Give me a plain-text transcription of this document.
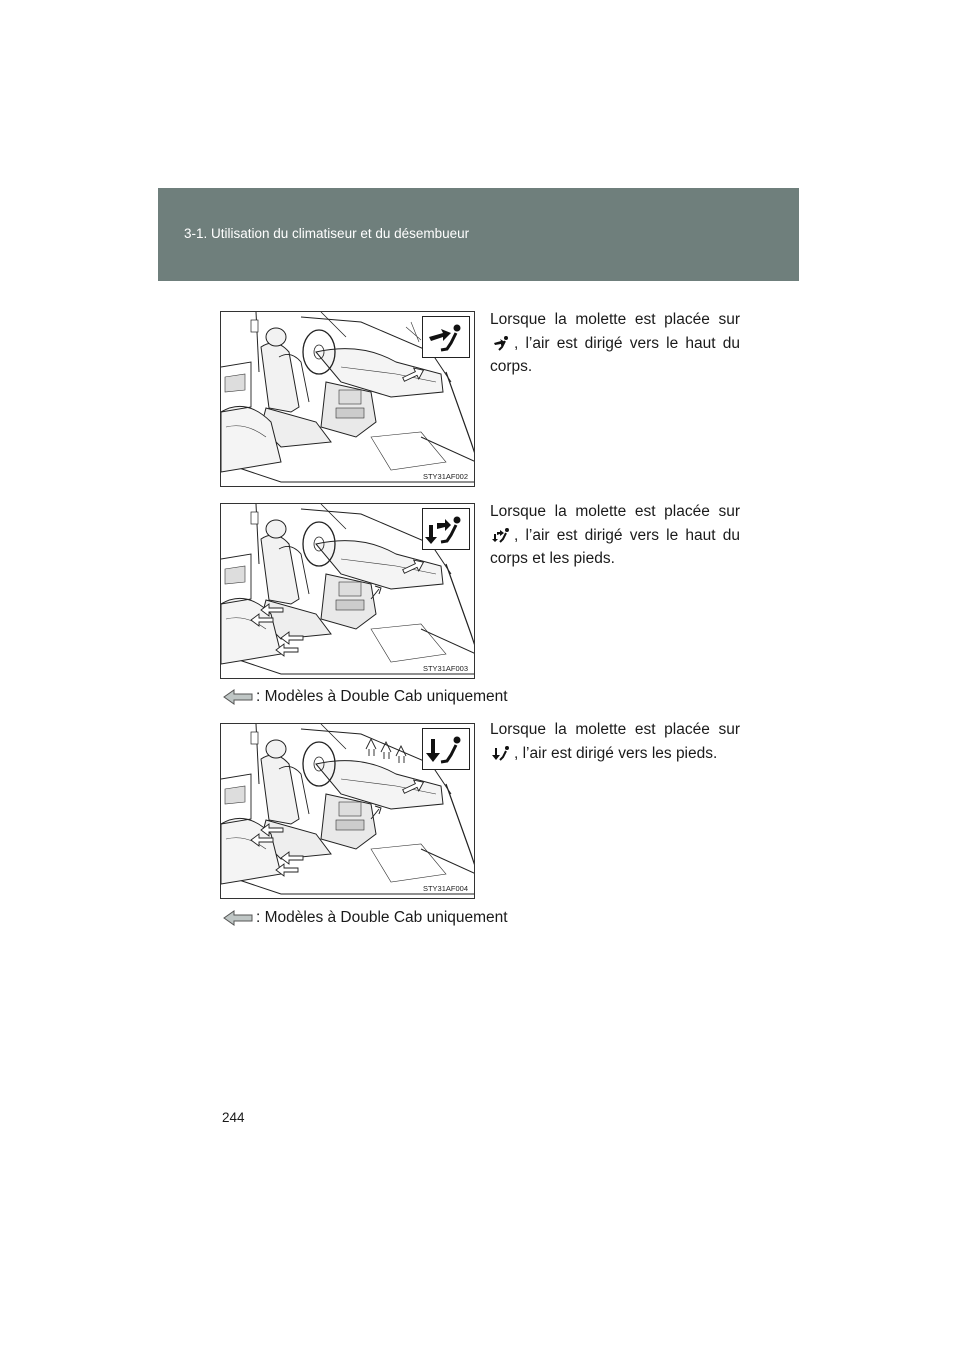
3-1. Utilisation du climatiseur et du désembueur
STY31AF002
Lorsque la molette est placée sur , l’air est dirigé vers le haut du corps.
STY31AF003
Lorsque la molette est placée sur , l’air est dirigé vers le haut du corps et les pieds.
: Modèles à Double Cab uniquement
STY31AF004
Lorsque la molette est placée sur , l’air est dirigé vers les pieds.
: Modèles à Double Cab uniquement
244
